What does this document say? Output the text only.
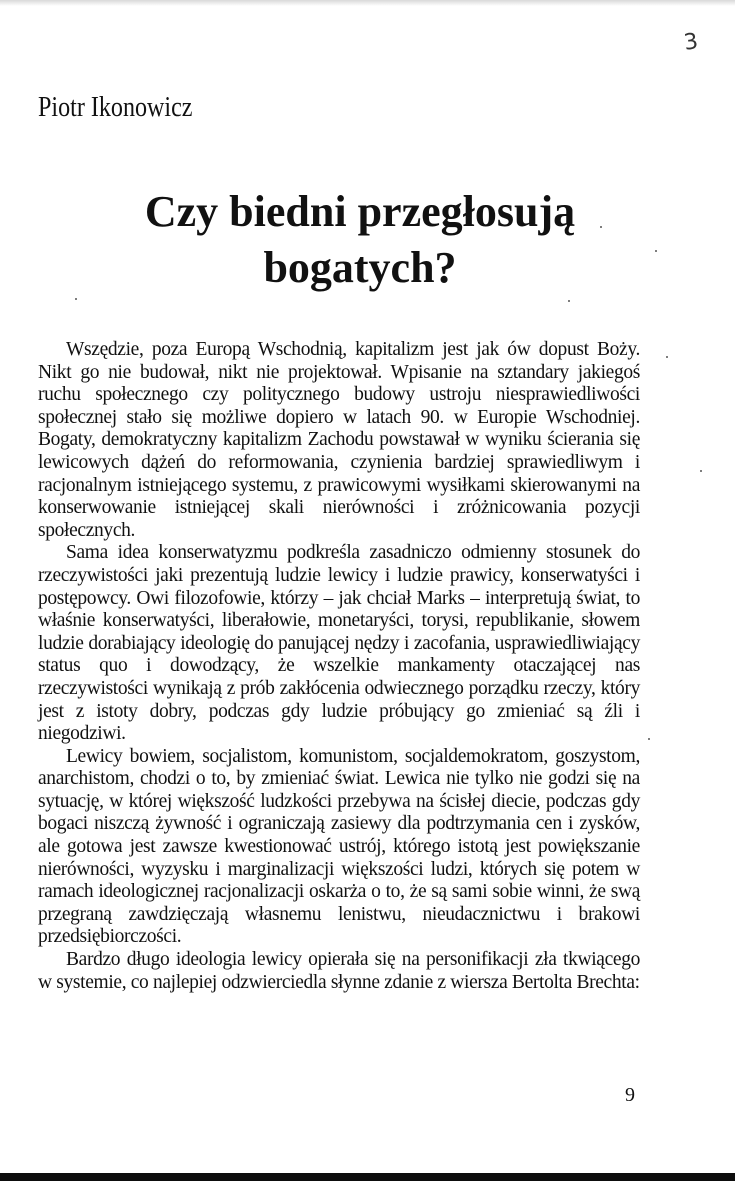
3
Piotr Ikonowicz
Czy biedni przegłosują
bogatych?

Wszędzie, poza Europą Wschodnią, kapitalizm jest jak ów dopust Boży. Nikt go nie budował, nikt nie projektował. Wpisanie na sztandary jakiegoś ruchu społecznego czy politycznego budowy ustroju niesprawiedliwości społecznej stało się możliwe dopiero w latach 90. w Europie Wschodniej. Bogaty, demokratyczny kapitalizm Zachodu powstawał w wyniku ścierania się lewicowych dążeń do reformowania, czynienia bardziej sprawiedliwym i racjonalnym istniejącego systemu, z prawicowymi wysiłkami skierowanymi na konserwowanie istniejącej skali nierówności i zróżnicowania pozycji społecznych.

Sama idea konserwatyzmu podkreśla zasadniczo odmienny stosunek do rzeczywistości jaki prezentują ludzie lewicy i ludzie prawicy, konserwatyści i postępowcy. Owi filozofowie, którzy – jak chciał Marks – interpretują świat, to właśnie konserwatyści, liberałowie, monetaryści, torysi, republikanie, słowem ludzie dorabiający ideologię do panującej nędzy i zacofania, usprawiedliwiający status quo i dowodzący, że wszelkie mankamenty otaczającej nas rzeczywistości wynikają z prób zakłócenia odwiecznego porządku rzeczy, który jest z istoty dobry, podczas gdy ludzie próbujący go zmieniać są źli i niegodziwi.

Lewicy bowiem, socjalistom, komunistom, socjaldemokratom, goszystom, anarchistom, chodzi o to, by zmieniać świat. Lewica nie tylko nie godzi się na sytuację, w której większość ludzkości przebywa na ścisłej diecie, podczas gdy bogaci niszczą żywność i ograniczają zasiewy dla podtrzymania cen i zysków, ale gotowa jest zawsze kwestionować ustrój, którego istotą jest powiększanie nierówności, wyzysku i marginalizacji większości ludzi, których się potem w ramach ideologicznej racjonalizacji oskarża o to, że są sami sobie winni, że swą przegraną zawdzięczają własnemu lenistwu, nieudacznictwu i brakowi przedsiębiorczości.

Bardzo długo ideologia lewicy opierała się na personifikacji zła tkwiącego w systemie, co najlepiej odzwierciedla słynne zdanie z wiersza Bertolta Brechta:

9
